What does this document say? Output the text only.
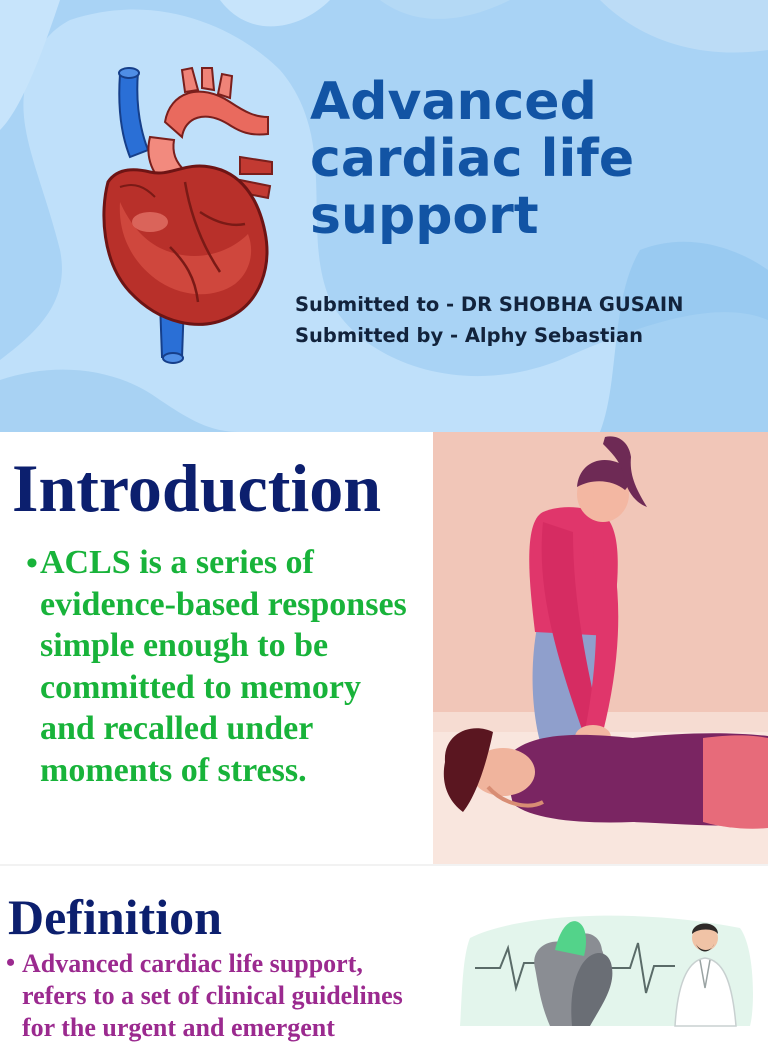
Advanced
cardiac life
support
Submitted to - DR SHOBHA GUSAIN
Submitted by - Alphy Sebastian
Introduction
• ACLS is a series of
evidence-based responses
simple enough to be
committed to memory
and recalled under
moments of stress.
Definition
• Advanced cardiac life support,
refers to a set of clinical guidelines
for the urgent and emergent
